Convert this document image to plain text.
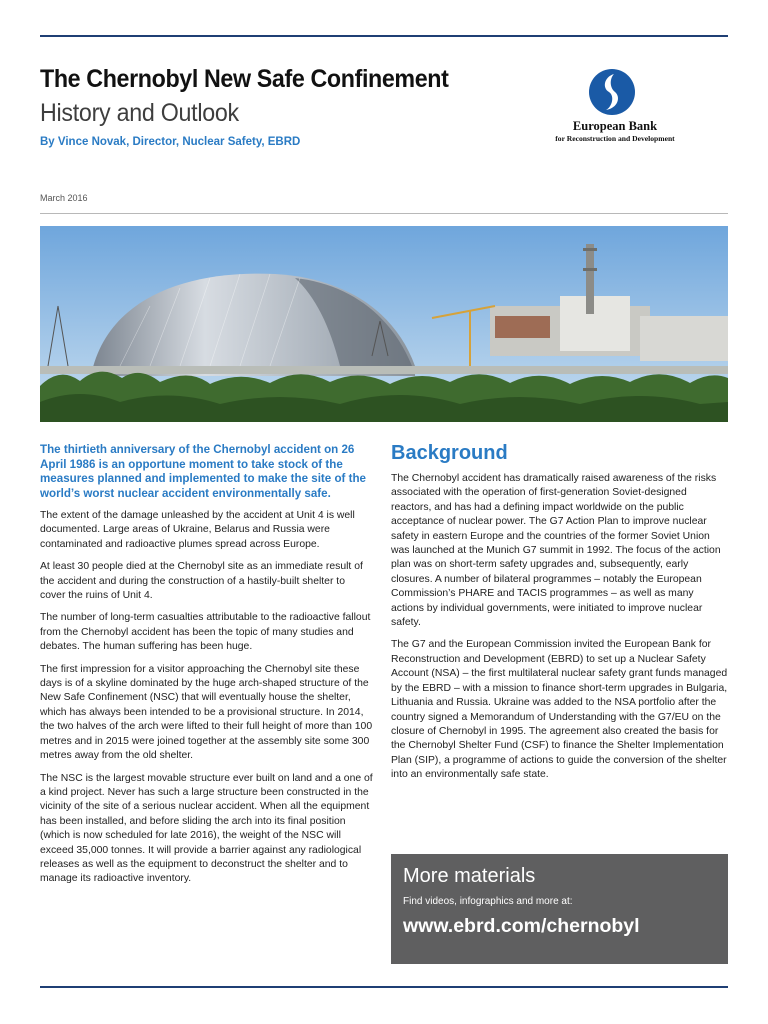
The Chernobyl New Safe Confinement
History and Outlook
By Vince Novak, Director, Nuclear Safety, EBRD
European Bank
for Reconstruction and Development
March 2016

The thirtieth anniversary of the Chernobyl accident on 26 April 1986 is an opportune moment to take stock of the measures planned and implemented to make the site of the world’s worst nuclear accident environmentally safe.

The extent of the damage unleashed by the accident at Unit 4 is well documented. Large areas of Ukraine, Belarus and Russia were contaminated and radioactive plumes spread across Europe.

At least 30 people died at the Chernobyl site as an immediate result of the accident and during the construction of a hastily-built shelter to cover the ruins of Unit 4.

The number of long-term casualties attributable to the radioactive fallout from the Chernobyl accident has been the topic of many studies and debates. The human suffering has been huge.

The first impression for a visitor approaching the Chernobyl site these days is of a skyline dominated by the huge arch-shaped structure of the New Safe Confinement (NSC) that will eventually house the shelter, which has always been intended to be a provisional structure. In 2014, the two halves of the arch were lifted to their full height of more than 100 metres and in 2015 were joined together at the assembly site some 300 metres away from the old shelter.

The NSC is the largest movable structure ever built on land and a one of a kind project. Never has such a large structure been constructed in the vicinity of the site of a serious nuclear accident. When all the equipment has been installed, and before sliding the arch into its final position (which is now scheduled for late 2016), the weight of the NSC will exceed 35,000 tonnes. It will provide a barrier against any radiological releases as well as the equipment to deconstruct the shelter and to manage its radioactive inventory.

Background

The Chernobyl accident has dramatically raised awareness of the risks associated with the operation of first-generation Soviet-designed reactors, and has had a defining impact worldwide on the public acceptance of nuclear power. The G7 Action Plan to improve nuclear safety in eastern Europe and the countries of the former Soviet Union was launched at the Munich G7 summit in 1992. The focus of the action plan was on short-term safety upgrades and, subsequently, early closures. A number of bilateral programmes – notably the European Commission’s PHARE and TACIS programmes – as well as many actions by individual governments, were initiated to improve nuclear safety.

The G7 and the European Commission invited the European Bank for Reconstruction and Development (EBRD) to set up a Nuclear Safety Account (NSA) – the first multilateral nuclear safety grant funds managed by the EBRD – with a mission to finance short-term upgrades in Bulgaria, Lithuania and Russia. Ukraine was added to the NSA portfolio after the country signed a Memorandum of Understanding with the G7/EU on the closure of Chernobyl in 1995. The agreement also created the basis for the Chernobyl Shelter Fund (CSF) to finance the Shelter Implementation Plan (SIP), a programme of actions to guide the conversion of the shelter into an environmentally safe state.

More materials
Find videos, infographics and more at:
www.ebrd.com/chernobyl
